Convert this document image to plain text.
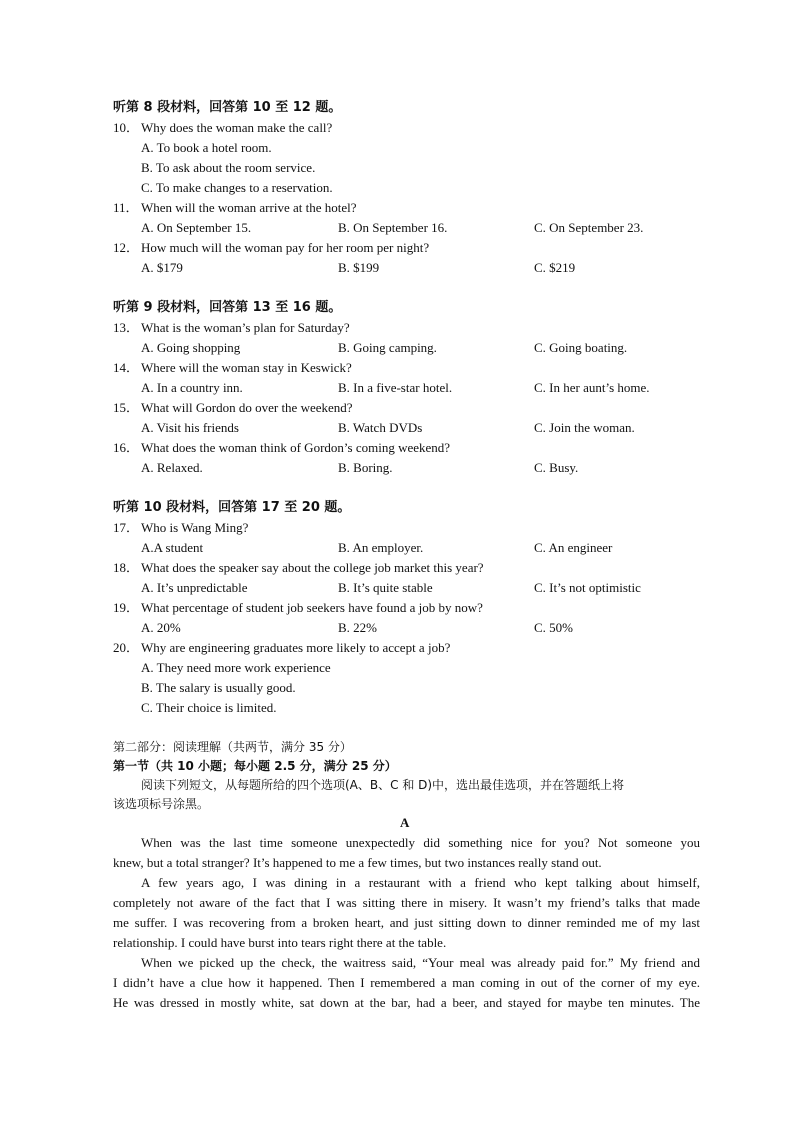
听第 8 段材料，回答第 10 至 12 题。
10． Why does the woman make the call?
A. To book a hotel room.
B. To ask about the room service.
C. To make changes to a reservation.
11． When will the woman arrive at the hotel?
A. On September 15.	B. On September 16.	C. On September 23.
12． How much will the woman pay for her room per night?
A. $179	B. $199	C. $219
听第 9 段材料，回答第 13 至 16 题。
13． What is the woman’s plan for Saturday?
A. Going shopping	B. Going camping.	C. Going boating.
14． Where will the woman stay in Keswick?
A. In a country inn.	B. In a five-star hotel.	C. In her aunt’s home.
15． What will Gordon do over the weekend?
A. Visit his friends	B. Watch DVDs	C. Join the woman.
16． What does the woman think of Gordon’s coming weekend?
A. Relaxed.	B. Boring.	C. Busy.
听第 10 段材料，回答第 17 至 20 题。
17． Who is Wang Ming?
A.A student	B. An employer.	C. An engineer
18． What does the speaker say about the college job market this year?
A. It’s unpredictable	B. It’s quite stable	C. It’s not optimistic
19． What percentage of student job seekers have found a job by now?
A. 20%	B. 22%	C. 50%
20． Why are engineering graduates more likely to accept a job?
A. They need more work experience
B. The salary is usually good.
C. Their choice is limited.
第二部分：阅读理解（共两节，满分 35 分）
第一节（共 10 小题；每小题 2.5 分，满分 25 分）
阅读下列短文，从每题所给的四个选项(A、B、C 和 D)中，选出最佳选项，并在答题纸上将
该选项标号涂黑。
A
When was the last time someone unexpectedly did something nice for you? Not someone you
knew, but a total stranger? It’s happened to me a few times, but two instances really stand out.
A few years ago, I was dining in a restaurant with a friend who kept talking about himself,
completely not aware of the fact that I was sitting there in misery. It wasn’t my friend’s talks that made
me suffer. I was recovering from a broken heart, and just sitting down to dinner reminded me of my last
relationship. I could have burst into tears right there at the table.
When we picked up the check, the waitress said, “Your meal was already paid for.” My friend and
I didn’t have a clue how it happened. Then I remembered a man coming in out of the corner of my eye.
He was dressed in mostly white, sat down at the bar, had a beer, and stayed for maybe ten minutes. The
